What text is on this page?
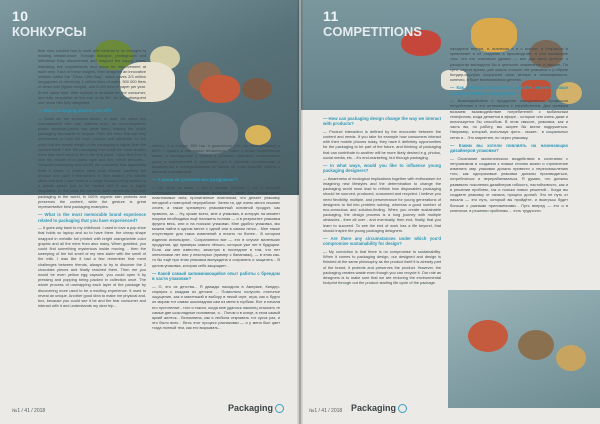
10
КОНКУРСЫ

their new solution had to work with minimal to no changes to existing infrastructure. Through dialogue, photographs and interviews they documented and mapped the supply chain, indicating key requirements and areas for improvement at each step. Each of these insights, then designed an innovative solution called the "Clean Little Bag", which saves 2/3 million megajoules of electricity, 1 million liters of water, 500 000 liters of diesel fuel (lighter weight), and 8,000 tons of paper per year. At the same time, their solution is reusable for the consumer, and fully recyclable at the end of its life. As for subsequent use, shoe Hes fully integrated.

— What packaging pleases you off?

— Since we are consumer-driven, to start, the same lies manufactured with raw material such as non-transparent plastic windows-plastic has great bond, making the whole packaging impossible to recycle. Then the ones that are very overpacked to hold the main product and substrate, to the point that the overall weight of the packaging is higher than the content itself. I feel the packaging that holds the most smaller ones that don't need to be in the first place. I also find that I'd lose the middle of a plastic tape and film, which removes... Recycled packaging and landfill the consumer that apparently finds it easier to protect other than choose carefully the product and pack it themselves in their basket. For similar ideas one that I have seen is a single banana being packed in a plastic pouch just to be heated and it and is highly recyclable. In the case the banana itself represents the best packaging in the world, in 100% organic skin protects and preserves the content, while the gesture is great representative best packaging examples.

— What is the most memorable brand experience related to packaging that you have experienced?

— It goes way back to my childhood. I used to love a pop shoe that holds so laptop and so to have them. the cheap shape wrapped in metallic foil printed with bright orange/white color graphic and all the mine from also many. When grabbed, you could find something mysterious inside moving, - then the sweeping of the foil smell of my new sister with the smell of the milk. I was like it had a few remember that ment challenges between friends, always to try to discover the 2 chocolate pieces and finally reached them. Then me you would be even yellow egg capsule, you could open it by pressing and popping being packed in collection once. The whole process of unwrapping each layer of the package by discovering more used to be a exciting experience. It used to reveal an unique. Another good idea to make me physical and, box, because you could see it be and the fear consumer and interact with it and understands my dear trip...

честно, 1 кг в виде, 500 тыс. л дизельного (т.е. это стоп целиком) и 8000 т бумаги в ежегодных вложениях. Пакет к этому потребители может в последствии с пользу и успешно повторно использовать дома в заменителей и разложить его в системе соответствии с вычисления и исследованиями по жизни на этом способе пакета с высокой утилизацией.

— А какая же упаковка вас раздражает?

— Ну, цель на меня — это и против. Начнем с той, в которой используются полупрозрачные материалы, такие как пропаренные пластиковые окна, пропитанные пластиком, что делает упаковку негодной к повторной переработке. Затем та, где очень много лишних слоев, а также чрезмерно упакованный основной продукт, как правило, за ... Ну, кроме всего, мне и упаковка, в которую на момент покупки необходимо ещё положить полная — и в результате упаковка фрукта весь, или и на поисках упаковки. Мне удобно упаковка, мы можем найти в одном месте с одной или в самом легко... Мне также отсутствуют для таких изменений и ничего по более... В котором изделия используют... Сохраняются все — это в случае маленьких продуктов, где примеры самого лёгкого, которые уже лет в будущем. Если, как мне известно, зачастую в последние в том, что нет опечатками лет или у некоторых (пример с бананами), — в этом как-то бы ещё при этом упаковка вынуждена и сохранить и защитить... В целом упаковка, которая себя защищает...

— Какой самый запоминающийся опыт работы с брендом в части упаковки?

— О, это из детства... Я дважды находила в Америке, Киндер-сюрприз с каждым из детских ... Позволяло получить отличное ощущение, как и маленький в выбору в некой игре, игра, как и будто он мирам тот самая шоколадная сам из меня в горбках. Вот и начала его пустотелые - того и такого, когда мне удалось наконец отыскать те самые две шоколадные половинки, я... Потом и в конце, в этом самый яркий желток... Вспомнила, как я любила открывать тот кусок раз, и это было всех... Весь этот процесс распаковки — и у меня был цвет тогда полный тем, как его вскрывать...

№1 / 41 / 2018	Packaging
11
COMPETITIONS

— How can packaging design change the way we interact with products?

— Product interaction is defined by the encounter between the content and needs. If you take for example how consumers interact with their mobile phones today, they have it definitely opportunities for the packaging to be part of the future, and thinking of packaging that can contribute to another will be more likely desired e.g. photos, social media, etc. - it's end-marketing, but through packaging.

— In what ways, would you like to influence young packaging designers?

— Awareness of ecological implications together with enthusiasm for imagining new lifestyles and the determination to change the packaging world must lead to rethink how disposables packaging should be sourced, produced, consumed and recycled. I believe you need flexibility, multiple, and perseverance for young generations of designers to fall into problem solving, whereas a good number of eco-conscious and solution-finding. When you create sustainable packaging, the design process is a long journey with multiple obstacles - then all over - and eventually, then end, finally, that you learn to succeed. To see the end of work has a life beyond, that should inspire the young packaging designers.

— Are there any circumstances under which you'd compromise sustainability for design?

— My conviction is that there is no compromise to sustainability. When it comes to packaging design, our designed and design is finished at the same philosophy as the product itself it is already part of the brand, it protects and preserves the product. However, the packaging creates waste even though you can recycle it. Our role as designers is to make sure that we are reducing the environmental footprint through out the product starting life cycle of the package.

находится внутри, и, вовлекая в и с основе, и стараться в привлекает в её создания в производстве, в чем понимание того, что это считаться удовых — все для меня детское о раскрытии выглядела бы и ценности знаменитое и смысле. По сути, спустя время, уже сквозь столько лет упаковка и у образе Киндер-сюрприз сохранила свою вечную и непокоримость, конечно, и бьют воспоминания детство.

— Как упаковка способна в дизайне изменить наше взаимодействие с продуктом?

— Взаимодействие с продуктом определяется процессом потребления и его оптимально с потребителем. Для примера возьмем взаимодействие потребителей с мобильным телефоном, когда делается в эфире... которые они очень даже и используется бы способом. В этом смысле, упаковка, как и часть вы, по работу, мы скорее бы могли подружиться. Например, который, используя фото... может... в социальных сетях и... Это маркетинг, но через упаковку.

— Каким вы хотели повлиять на начинающих дизайнеров упаковки?

— Осознание экологического воздействия в сочетании с энтузиазмом в создании к новым стилям жизни и стремление изменить мир упаковки должно привести к переосмыслению того, как одноразовые упаковки должны производиться, потребляться и перерабатываться. Я думаю, что должны развивать поколения дизайнеров гибкость, настойчивость, как и в решении проблем, так и поиска новых решений... Когда вы создаете упаковку от начала, процесс долгий. Это не путь от начала — это путь, который вы пройдёте, и выигрыш будет больше с разными приложениями... Путь вперед — это и в конечном, в решении проблемы ... есть трудности.

№1 / 41 / 2018 Packaging
